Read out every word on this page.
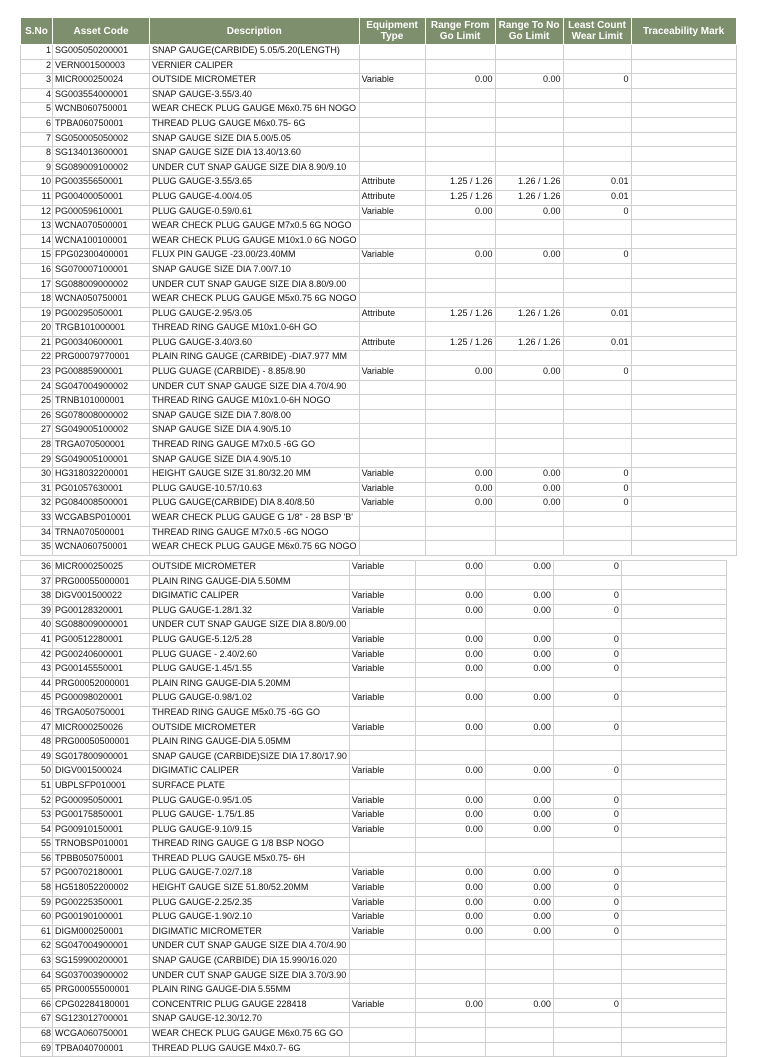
S.No	Asset Code	Description	Equipment Type	Range From Go Limit	Range To No Go Limit	Least Count Wear Limit	Traceability Mark
1	SG005050200001	SNAP GAUGE(CARBIDE) 5.05/5.20(LENGTH)					
2	VERN001500003	VERNIER CALIPER					
3	MICR000250024	OUTSIDE MICROMETER	Variable	0.00	0.00	0	
4	SG003554000001	SNAP GAUGE-3.55/3.40					
5	WCNB060750001	WEAR CHECK PLUG GAUGE M6x0.75 6H NOGO					
6	TPBA060750001	THREAD PLUG GAUGE M6x0.75- 6G					
7	SG050005050002	SNAP GAUGE SIZE DIA 5.00/5.05					
8	SG134013600001	SNAP GAUGE SIZE DIA 13.40/13.60					
9	SG089009100002	UNDER CUT SNAP GAUGE SIZE DIA 8.90/9.10					
10	PG00355650001	PLUG GAUGE-3.55/3.65	Attribute	1.25 / 1.26	1.26 / 1.26	0.01	
11	PG00400050001	PLUG GAUGE-4.00/4.05	Attribute	1.25 / 1.26	1.26 / 1.26	0.01	
12	PG00059610001	PLUG GAUGE-0.59/0.61	Variable	0.00	0.00	0	
13	WCNA070500001	WEAR CHECK PLUG GAUGE M7x0.5 6G NOGO					
14	WCNA100100001	WEAR CHECK PLUG GAUGE M10x1.0 6G NOGO					
15	FPG02300400001	FLUX PIN GAUGE -23.00/23.40MM	Variable	0.00	0.00	0	
16	SG070007100001	SNAP GAUGE SIZE DIA 7.00/7.10					
17	SG088009000002	UNDER CUT SNAP GAUGE SIZE DIA 8.80/9.00					
18	WCNA050750001	WEAR CHECK PLUG GAUGE M5x0.75 6G NOGO					
19	PG00295050001	PLUG GAUGE-2.95/3.05	Attribute	1.25 / 1.26	1.26 / 1.26	0.01	
20	TRGB101000001	THREAD RING GAUGE M10x1.0-6H GO					
21	PG00340600001	PLUG GAUGE-3.40/3.60	Attribute	1.25 / 1.26	1.26 / 1.26	0.01	
22	PRG00079770001	PLAIN RING GAUGE (CARBIDE) -DIA7.977 MM					
23	PG00885900001	PLUG GUAGE (CARBIDE) - 8.85/8.90	Variable	0.00	0.00	0	
24	SG047004900002	UNDER CUT SNAP GAUGE SIZE DIA 4.70/4.90					
25	TRNB101000001	THREAD RING GAUGE M10x1.0-6H NOGO					
26	SG078008000002	SNAP GAUGE SIZE DIA 7.80/8.00					
27	SG049005100002	SNAP GAUGE SIZE DIA 4.90/5.10					
28	TRGA070500001	THREAD RING GAUGE M7x0.5 -6G GO					
29	SG049005100001	SNAP GAUGE SIZE DIA 4.90/5.10					
30	HG318032200001	HEIGHT GAUGE SIZE 31.80/32.20 MM	Variable	0.00	0.00	0	
31	PG01057630001	PLUG GAUGE-10.57/10.63	Variable	0.00	0.00	0	
32	PG084008500001	PLUG GAUGE(CARBIDE) DIA 8.40/8.50	Variable	0.00	0.00	0	
33	WCGABSP010001	WEAR CHECK PLUG GAUGE G 1/8" - 28 BSP 'B'					
34	TRNA070500001	THREAD RING GAUGE M7x0.5 -6G NOGO					
35	WCNA060750001	WEAR CHECK PLUG GAUGE M6x0.75 6G NOGO					
36	MICR000250025	OUTSIDE MICROMETER	Variable	0.00	0.00	0	
37	PRG00055000001	PLAIN RING GAUGE-DIA 5.50MM					
38	DIGV001500022	DIGIMATIC CALIPER	Variable	0.00	0.00	0	
39	PG00128320001	PLUG GAUGE-1.28/1.32	Variable	0.00	0.00	0	
40	SG088009000001	UNDER CUT SNAP GAUGE SIZE DIA 8.80/9.00					
41	PG00512280001	PLUG GAUGE-5.12/5.28	Variable	0.00	0.00	0	
42	PG00240600001	PLUG GUAGE - 2.40/2.60	Variable	0.00	0.00	0	
43	PG00145550001	PLUG GAUGE-1.45/1.55	Variable	0.00	0.00	0	
44	PRG00052000001	PLAIN RING GAUGE-DIA 5.20MM					
45	PG00098020001	PLUG GAUGE-0.98/1.02	Variable	0.00	0.00	0	
46	TRGA050750001	THREAD RING GAUGE M5x0.75 -6G GO					
47	MICR000250026	OUTSIDE MICROMETER	Variable	0.00	0.00	0	
48	PRG00050500001	PLAIN RING GAUGE-DIA 5.05MM					
49	SG017800900001	SNAP GAUGE (CARBIDE)SIZE DIA 17.80/17.90					
50	DIGV001500024	DIGIMATIC CALIPER	Variable	0.00	0.00	0	
51	UBPLSFP010001	SURFACE PLATE					
52	PG00095050001	PLUG GAUGE-0.95/1.05	Variable	0.00	0.00	0	
53	PG00175850001	PLUG GAUGE- 1.75/1.85	Variable	0.00	0.00	0	
54	PG00910150001	PLUG GAUGE-9.10/9.15	Variable	0.00	0.00	0	
55	TRNOBSP010001	THREAD RING GAUGE G 1/8 BSP NOGO					
56	TPBB050750001	THREAD PLUG GAUGE M5x0.75- 6H					
57	PG00702180001	PLUG GAUGE-7.02/7.18	Variable	0.00	0.00	0	
58	HG518052200002	HEIGHT GAUGE SIZE 51.80/52.20MM	Variable	0.00	0.00	0	
59	PG00225350001	PLUG GAUGE-2.25/2.35	Variable	0.00	0.00	0	
60	PG00190100001	PLUG GAUGE-1.90/2.10	Variable	0.00	0.00	0	
61	DIGM000250001	DIGIMATIC MICROMETER	Variable	0.00	0.00	0	
62	SG047004900001	UNDER CUT SNAP GAUGE SIZE DIA 4.70/4.90					
63	SG159900200001	SNAP GAUGE (CARBIDE) DIA 15.990/16.020					
64	SG037003900002	UNDER CUT SNAP GAUGE SIZE DIA 3.70/3.90					
65	PRG00055500001	PLAIN RING GAUGE-DIA 5.55MM					
66	CPG02284180001	CONCENTRIC PLUG GAUGE 228418	Variable	0.00	0.00	0	
67	SG123012700001	SNAP GAUGE-12.30/12.70					
68	WCGA060750001	WEAR CHECK PLUG GAUGE M6x0.75 6G GO					
69	TPBA040700001	THREAD PLUG GAUGE M4x0.7- 6G					
